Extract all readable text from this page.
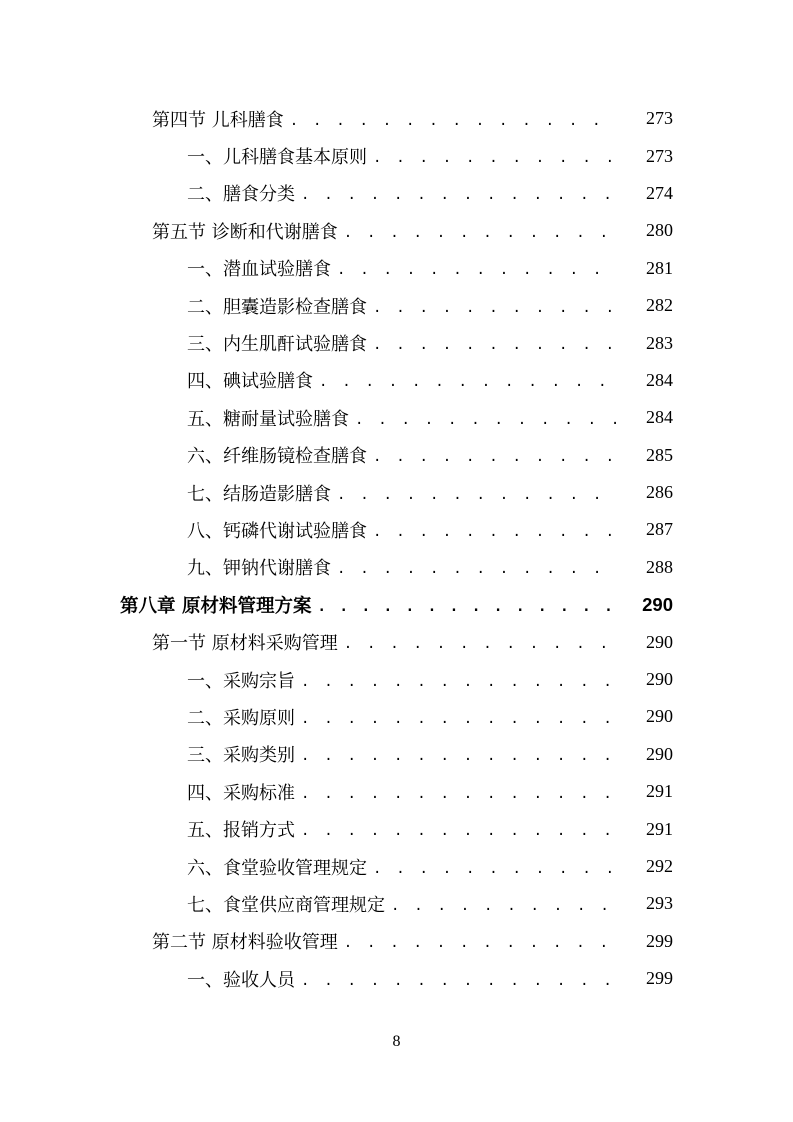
第四节 儿科膳食 . . .	273
一、儿科膳食基本原则 . . .	273
二、膳食分类 . . .	274
第五节 诊断和代谢膳食 . . .	280
一、潜血试验膳食 . . .	281
二、胆囊造影检查膳食 . . .	282
三、内生肌酐试验膳食 . . .	283
四、碘试验膳食 . . .	284
五、糖耐量试验膳食 . . .	284
六、纤维肠镜检查膳食 . . .	285
七、结肠造影膳食 . . .	286
八、钙磷代谢试验膳食 . . .	287
九、钾钠代谢膳食 . . .	288
第八章 原材料管理方案 . . .	290
第一节 原材料采购管理 . . .	290
一、采购宗旨 . . .	290
二、采购原则 . . .	290
三、采购类别 . . .	290
四、采购标准 . . .	291
五、报销方式 . . .	291
六、食堂验收管理规定 . . .	292
七、食堂供应商管理规定 . . .	293
第二节 原材料验收管理 . . .	299
一、验收人员 . . .	299
8
